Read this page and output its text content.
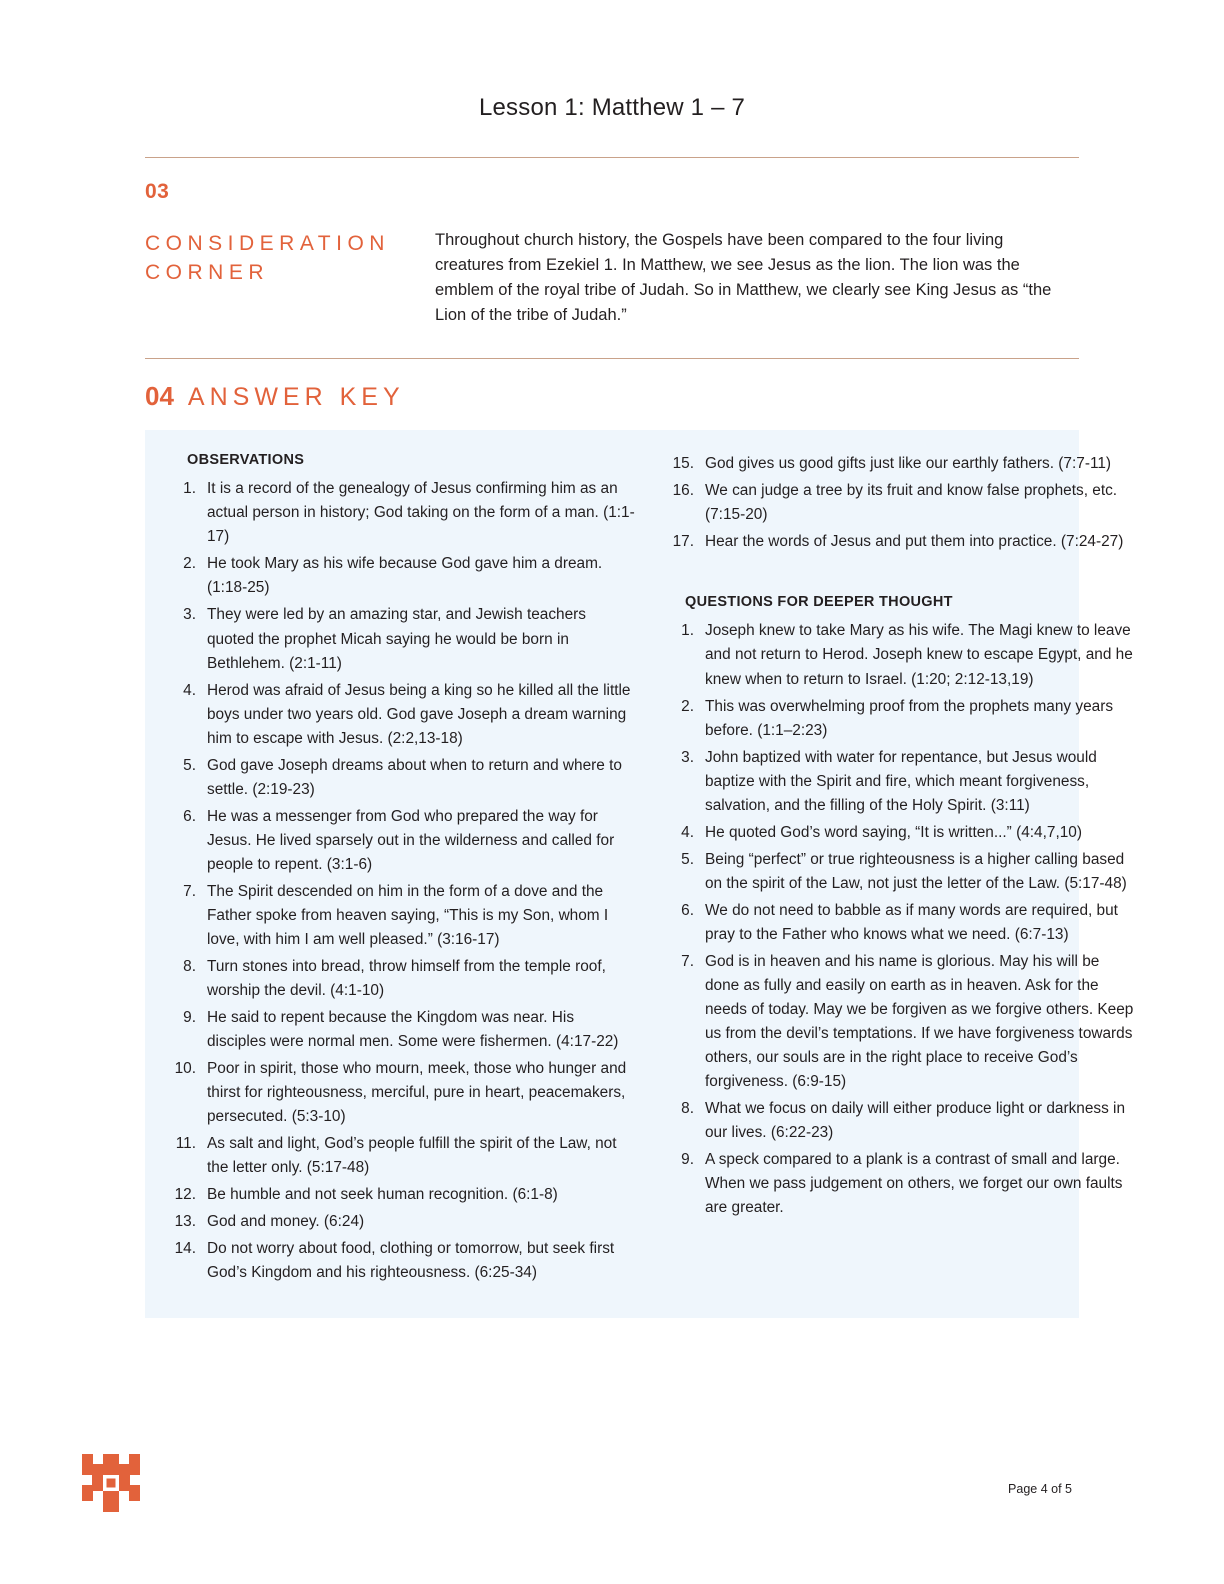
Lesson 1: Matthew 1 – 7
03
CONSIDERATION CORNER
Throughout church history, the Gospels have been compared to the four living creatures from Ezekiel 1. In Matthew, we see Jesus as the lion. The lion was the emblem of the royal tribe of Judah. So in Matthew, we clearly see King Jesus as “the Lion of the tribe of Judah.”
04 ANSWER KEY
OBSERVATIONS
1. It is a record of the genealogy of Jesus confirming him as an actual person in history; God taking on the form of a man. (1:1-17)
2. He took Mary as his wife because God gave him a dream. (1:18-25)
3. They were led by an amazing star, and Jewish teachers quoted the prophet Micah saying he would be born in Bethlehem. (2:1-11)
4. Herod was afraid of Jesus being a king so he killed all the little boys under two years old. God gave Joseph a dream warning him to escape with Jesus. (2:2,13-18)
5. God gave Joseph dreams about when to return and where to settle. (2:19-23)
6. He was a messenger from God who prepared the way for Jesus. He lived sparsely out in the wilderness and called for people to repent. (3:1-6)
7. The Spirit descended on him in the form of a dove and the Father spoke from heaven saying, “This is my Son, whom I love, with him I am well pleased.” (3:16-17)
8. Turn stones into bread, throw himself from the temple roof, worship the devil. (4:1-10)
9. He said to repent because the Kingdom was near. His disciples were normal men. Some were fishermen. (4:17-22)
10. Poor in spirit, those who mourn, meek, those who hunger and thirst for righteousness, merciful, pure in heart, peacemakers, persecuted. (5:3-10)
11. As salt and light, God’s people fulfill the spirit of the Law, not the letter only. (5:17-48)
12. Be humble and not seek human recognition. (6:1-8)
13. God and money. (6:24)
14. Do not worry about food, clothing or tomorrow, but seek first God’s Kingdom and his righteousness. (6:25-34)
15. God gives us good gifts just like our earthly fathers. (7:7-11)
16. We can judge a tree by its fruit and know false prophets, etc. (7:15-20)
17. Hear the words of Jesus and put them into practice. (7:24-27)
QUESTIONS FOR DEEPER THOUGHT
1. Joseph knew to take Mary as his wife. The Magi knew to leave and not return to Herod. Joseph knew to escape Egypt, and he knew when to return to Israel. (1:20; 2:12-13,19)
2. This was overwhelming proof from the prophets many years before. (1:1–2:23)
3. John baptized with water for repentance, but Jesus would baptize with the Spirit and fire, which meant forgiveness, salvation, and the filling of the Holy Spirit. (3:11)
4. He quoted God’s word saying, “It is written...” (4:4,7,10)
5. Being “perfect” or true righteousness is a higher calling based on the spirit of the Law, not just the letter of the Law. (5:17-48)
6. We do not need to babble as if many words are required, but pray to the Father who knows what we need. (6:7-13)
7. God is in heaven and his name is glorious. May his will be done as fully and easily on earth as in heaven. Ask for the needs of today. May we be forgiven as we forgive others. Keep us from the devil’s temptations. If we have forgiveness towards others, our souls are in the right place to receive God’s forgiveness. (6:9-15)
8. What we focus on daily will either produce light or darkness in our lives. (6:22-23)
9. A speck compared to a plank is a contrast of small and large. When we pass judgement on others, we forget our own faults are greater.
Page 4 of 5
